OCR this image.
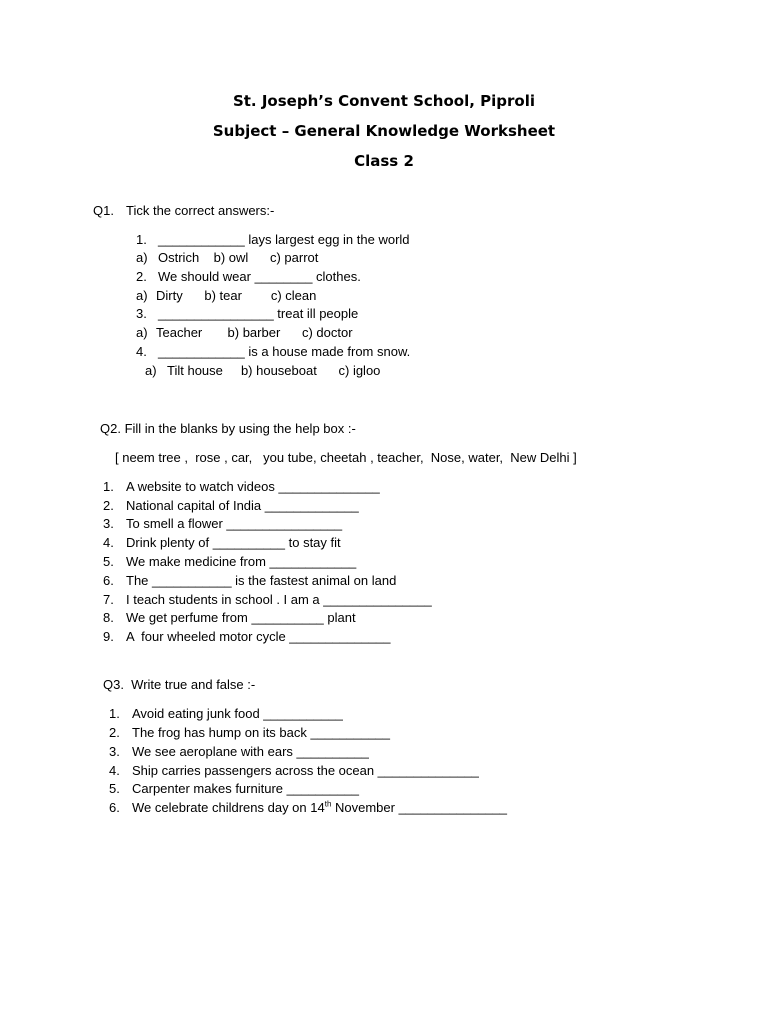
St. Joseph’s Convent School, Piproli
Subject – General Knowledge Worksheet
Class 2
Q1. Tick the correct answers:-
1. ____________ lays largest egg in the world
a) Ostrich    b) owl      c) parrot
2. We should wear ________ clothes.
a) Dirty      b) tear        c) clean
3. ________________ treat ill people
a) Teacher       b) barber      c) doctor
4. ____________ is a house made from snow.
a) Tilt house     b) houseboat      c) igloo
Q2. Fill in the blanks by using the help box :-
[ neem tree ,  rose , car,   you tube, cheetah , teacher,  Nose, water,  New Delhi ]
1. A website to watch videos ______________
2. National capital of India _____________
3. To smell a flower ________________
4. Drink plenty of __________ to stay fit
5. We make medicine from ____________
6. The ___________ is the fastest animal on land
7. I teach students in school . I am a _______________
8. We get perfume from __________ plant
9. A  four wheeled motor cycle ______________
Q3.  Write true and false :-
1. Avoid eating junk food ___________
2. The frog has hump on its back ___________
3. We see aeroplane with ears __________
4. Ship carries passengers across the ocean ______________
5. Carpenter makes furniture __________
6. We celebrate childrens day on 14th November _______________
